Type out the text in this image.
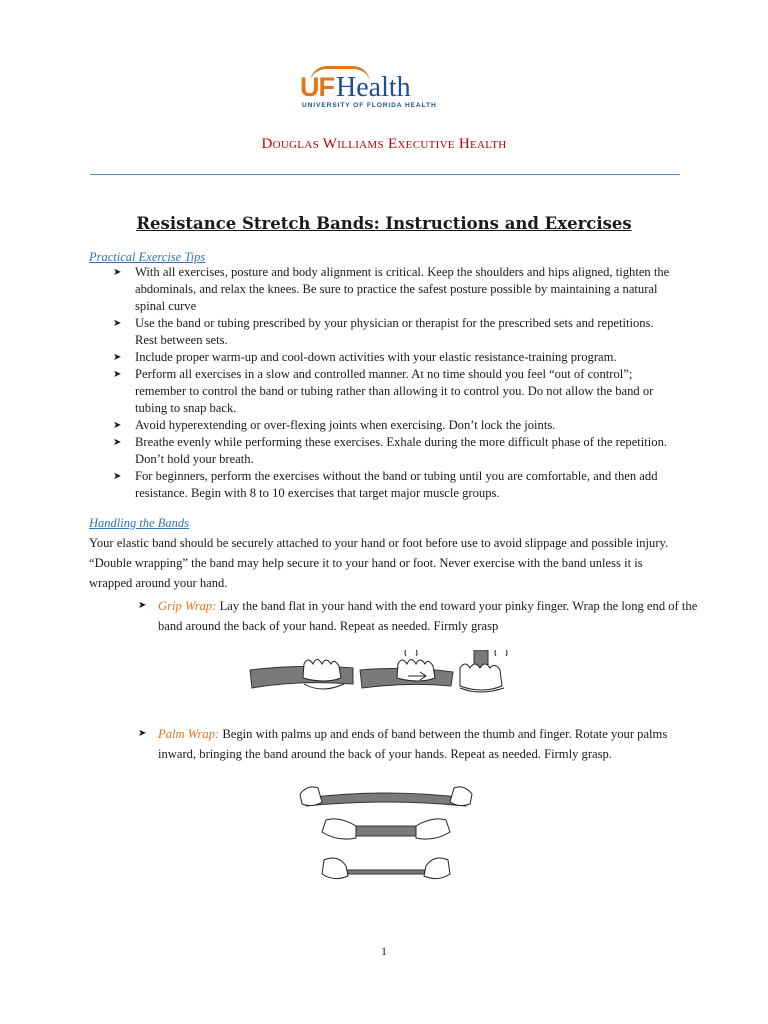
UF Health
UNIVERSITY OF FLORIDA HEALTH
Douglas Williams Executive Health
Resistance Stretch Bands: Instructions and Exercises
Practical Exercise Tips
➤ With all exercises, posture and body alignment is critical. Keep the shoulders and hips aligned, tighten the abdominals, and relax the knees. Be sure to practice the safest posture possible by maintaining a natural spinal curve
➤ Use the band or tubing prescribed by your physician or therapist for the prescribed sets and repetitions. Rest between sets.
➤ Include proper warm-up and cool-down activities with your elastic resistance-training program.
➤ Perform all exercises in a slow and controlled manner. At no time should you feel “out of control”; remember to control the band or tubing rather than allowing it to control you. Do not allow the band or tubing to snap back.
➤ Avoid hyperextending or over-flexing joints when exercising. Don’t lock the joints.
➤ Breathe evenly while performing these exercises. Exhale during the more difficult phase of the repetition. Don’t hold your breath.
➤ For beginners, perform the exercises without the band or tubing until you are comfortable, and then add resistance. Begin with 8 to 10 exercises that target major muscle groups.
Handling the Bands
Your elastic band should be securely attached to your hand or foot before use to avoid slippage and possible injury. “Double wrapping” the band may help secure it to your hand or foot. Never exercise with the band unless it is wrapped around your hand.
➤ Grip Wrap: Lay the band flat in your hand with the end toward your pinky finger. Wrap the long end of the band around the back of your hand. Repeat as needed. Firmly grasp
➤ Palm Wrap: Begin with palms up and ends of band between the thumb and finger. Rotate your palms inward, bringing the band around the back of your hands. Repeat as needed. Firmly grasp.
1
